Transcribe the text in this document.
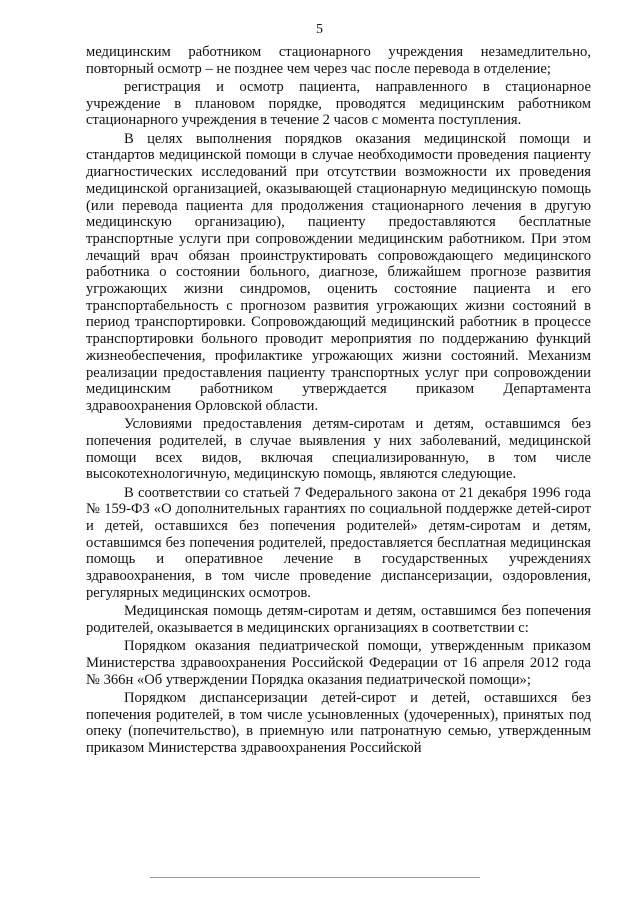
5

медицинским работником стационарного учреждения незамедлительно, повторный осмотр – не позднее чем через час после перевода в отделение;

регистрация и осмотр пациента, направленного в стационарное учреждение в плановом порядке, проводятся медицинским работником стационарного учреждения в течение 2 часов с момента поступления.

В целях выполнения порядков оказания медицинской помощи и стандартов медицинской помощи в случае необходимости проведения пациенту диагностических исследований при отсутствии возможности их проведения медицинской организацией, оказывающей стационарную медицинскую помощь (или перевода пациента для продолжения стационарного лечения в другую медицинскую организацию), пациенту предоставляются бесплатные транспортные услуги при сопровождении медицинским работником. При этом лечащий врач обязан проинструктировать сопровождающего медицинского работника о состоянии больного, диагнозе, ближайшем прогнозе развития угрожающих жизни синдромов, оценить состояние пациента и его транспортабельность с прогнозом развития угрожающих жизни состояний в период транспортировки. Сопровождающий медицинский работник в процессе транспортировки больного проводит мероприятия по поддержанию функций жизнеобеспечения, профилактике угрожающих жизни состояний. Механизм реализации предоставления пациенту транспортных услуг при сопровождении медицинским работником утверждается приказом Департамента здравоохранения Орловской области.

Условиями предоставления детям-сиротам и детям, оставшимся без попечения родителей, в случае выявления у них заболеваний, медицинской помощи всех видов, включая специализированную, в том числе высокотехнологичную, медицинскую помощь, являются следующие.

В соответствии со статьей 7 Федерального закона от 21 декабря 1996 года № 159-ФЗ «О дополнительных гарантиях по социальной поддержке детей-сирот и детей, оставшихся без попечения родителей» детям-сиротам и детям, оставшимся без попечения родителей, предоставляется бесплатная медицинская помощь и оперативное лечение в государственных учреждениях здравоохранения, в том числе проведение диспансеризации, оздоровления, регулярных медицинских осмотров.

Медицинская помощь детям-сиротам и детям, оставшимся без попечения родителей, оказывается в медицинских организациях в соответствии с:

Порядком оказания педиатрической помощи, утвержденным приказом Министерства здравоохранения Российской Федерации от 16 апреля 2012 года № 366н «Об утверждении Порядка оказания педиатрической помощи»;

Порядком диспансеризации детей-сирот и детей, оставшихся без попечения родителей, в том числе усыновленных (удочеренных), принятых под опеку (попечительство), в приемную или патронатную семью, утвержденным приказом Министерства здравоохранения Российской
